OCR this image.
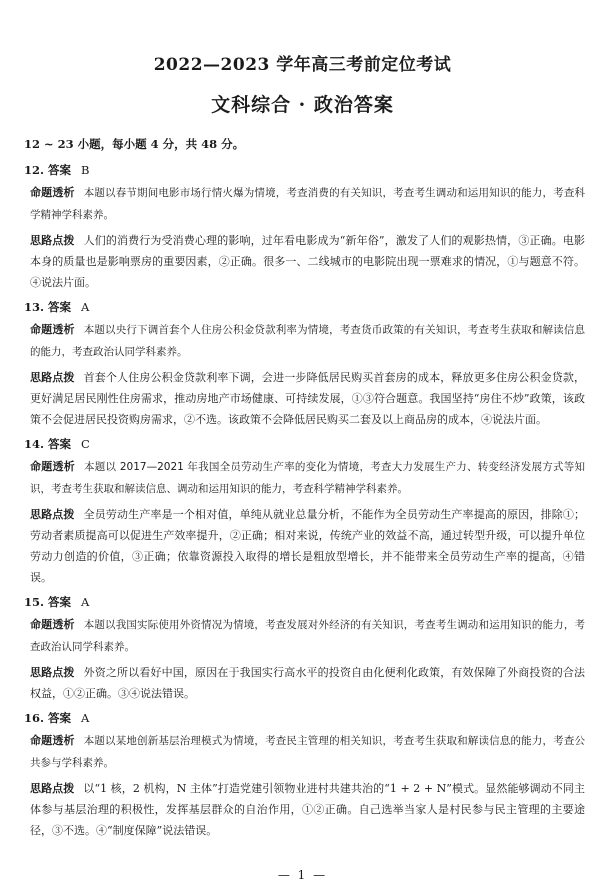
2022—2023 学年高三考前定位考试
文科综合 · 政治答案
12 ~ 23 小题，每小题 4 分，共 48 分。
12. 答案 B
命题透析 本题以春节期间电影市场行情火爆为情境，考查消费的有关知识，考查考生调动和运用知识的能力，考查科学精神学科素养。
思路点拨 人们的消费行为受消费心理的影响，过年看电影成为“新年俗”，激发了人们的观影热情，③正确。电影本身的质量也是影响票房的重要因素，②正确。很多一、二线城市的电影院出现一票难求的情况，①与题意不符。④说法片面。
13. 答案 A
命题透析 本题以央行下调首套个人住房公积金贷款利率为情境，考查货币政策的有关知识，考查考生获取和解读信息的能力，考查政治认同学科素养。
思路点拨 首套个人住房公积金贷款利率下调，会进一步降低居民购买首套房的成本，释放更多住房公积金贷款，更好满足居民刚性住房需求，推动房地产市场健康、可持续发展，①③符合题意。我国坚持“房住不炒”政策，该政策不会促进居民投资购房需求，②不选。该政策不会降低居民购买二套及以上商品房的成本，④说法片面。
14. 答案 C
命题透析 本题以 2017—2021 年我国全员劳动生产率的变化为情境，考查大力发展生产力、转变经济发展方式等知识，考查考生获取和解读信息、调动和运用知识的能力，考查科学精神学科素养。
思路点拨 全员劳动生产率是一个相对值，单纯从就业总量分析，不能作为全员劳动生产率提高的原因，排除①；劳动者素质提高可以促进生产效率提升，②正确；相对来说，传统产业的效益不高，通过转型升级，可以提升单位劳动力创造的价值，③正确；依靠资源投入取得的增长是粗放型增长，并不能带来全员劳动生产率的提高，④错误。
15. 答案 A
命题透析 本题以我国实际使用外资情况为情境，考查发展对外经济的有关知识，考查考生调动和运用知识的能力，考查政治认同学科素养。
思路点拨 外资之所以看好中国，原因在于我国实行高水平的投资自由化便利化政策，有效保障了外商投资的合法权益，①②正确。③④说法错误。
16. 答案 A
命题透析 本题以某地创新基层治理模式为情境，考查民主管理的相关知识，考查考生获取和解读信息的能力，考查公共参与学科素养。
思路点拨 以“1 核，2 机构，N 主体”打造党建引领物业进村共建共治的“1 + 2 + N”模式。显然能够调动不同主体参与基层治理的积极性，发挥基层群众的自治作用，①②正确。自己选举当家人是村民参与民主管理的主要途径，③不选。④“制度保障”说法错误。
— 1 —
